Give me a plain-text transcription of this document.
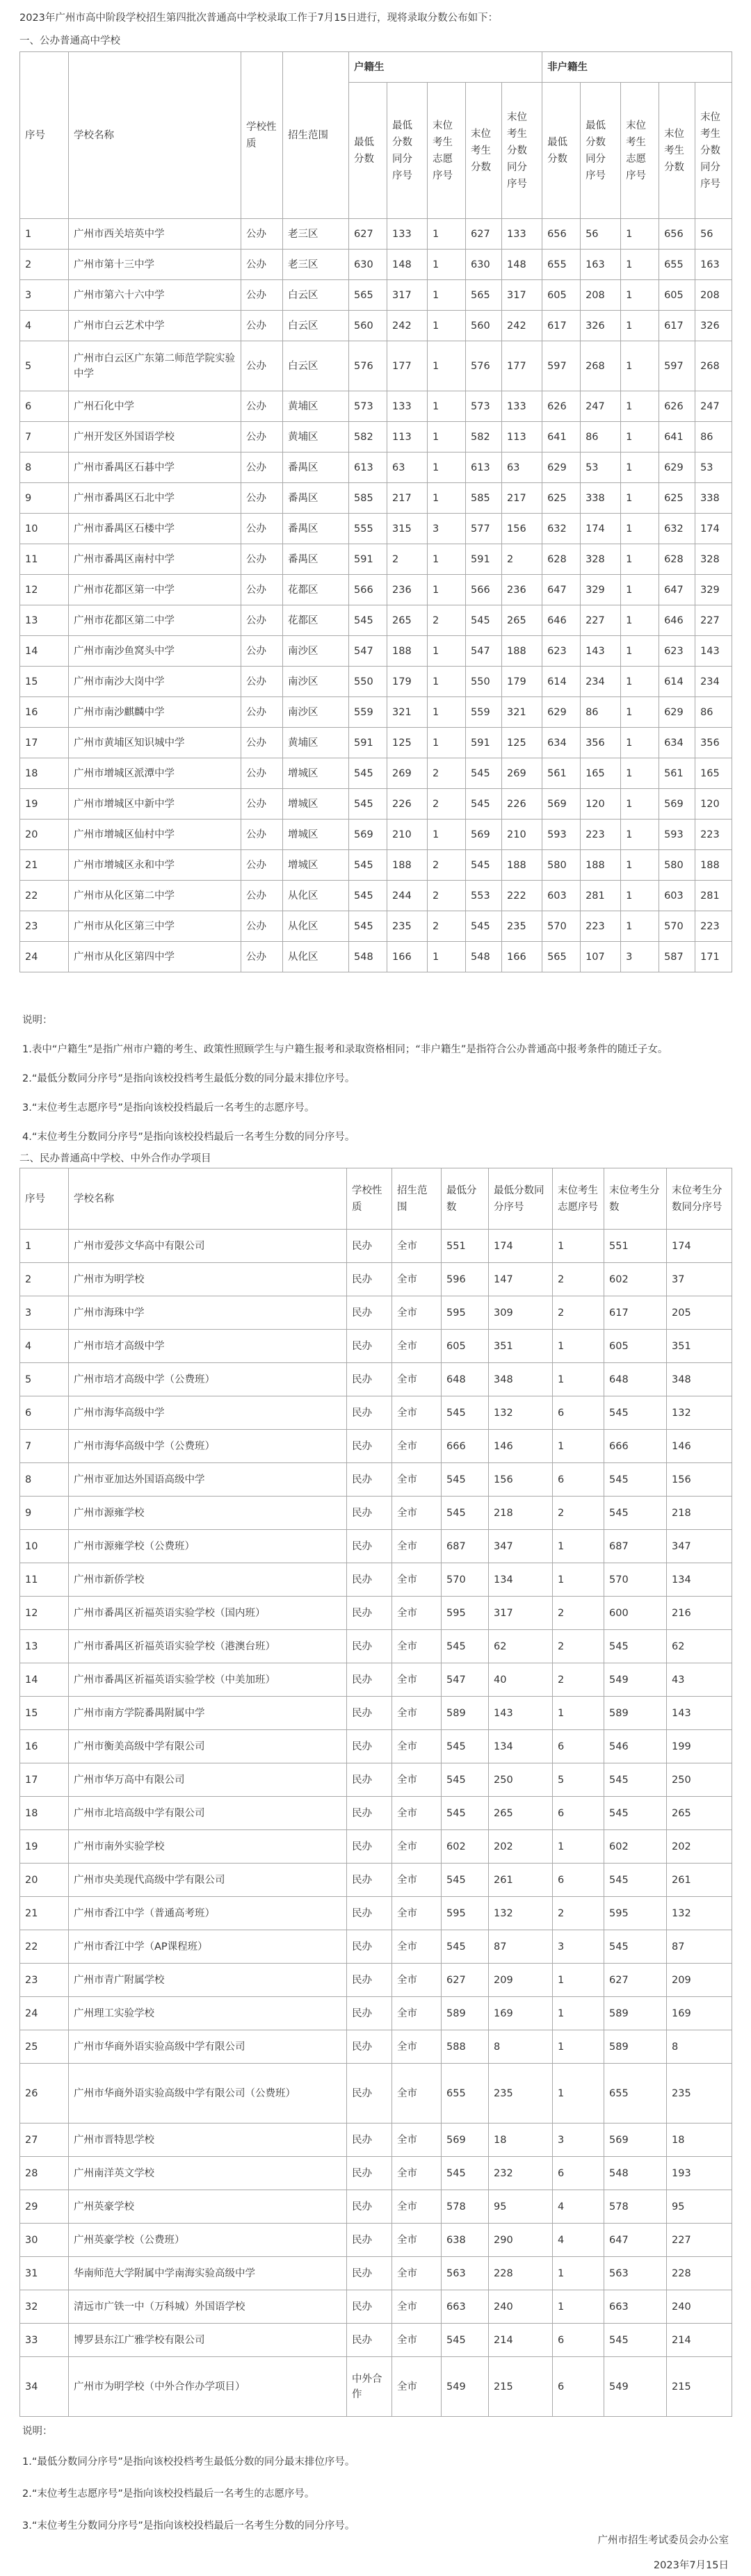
2023年广州市高中阶段学校招生第四批次普通高中学校录取工作于7月15日进行，现将录取分数公布如下：
一、公办普通高中学校
序号	学校名称	学校性质	招生范围	户籍生					非户籍生				
				最低分数	最低分数同分序号	末位考生志愿序号	末位考生分数	末位考生分数同分序号	最低分数	最低分数同分序号	末位考生志愿序号	末位考生分数	末位考生分数同分序号
1	广州市西关培英中学	公办	老三区	627	133	1	627	133	656	56	1	656	56
2	广州市第十三中学	公办	老三区	630	148	1	630	148	655	163	1	655	163
3	广州市第六十六中学	公办	白云区	565	317	1	565	317	605	208	1	605	208
4	广州市白云艺术中学	公办	白云区	560	242	1	560	242	617	326	1	617	326
5	广州市白云区广东第二师范学院实验中学	公办	白云区	576	177	1	576	177	597	268	1	597	268
6	广州石化中学	公办	黄埔区	573	133	1	573	133	626	247	1	626	247
7	广州开发区外国语学校	公办	黄埔区	582	113	1	582	113	641	86	1	641	86
8	广州市番禺区石碁中学	公办	番禺区	613	63	1	613	63	629	53	1	629	53
9	广州市番禺区石北中学	公办	番禺区	585	217	1	585	217	625	338	1	625	338
10	广州市番禺区石楼中学	公办	番禺区	555	315	3	577	156	632	174	1	632	174
11	广州市番禺区南村中学	公办	番禺区	591	2	1	591	2	628	328	1	628	328
12	广州市花都区第一中学	公办	花都区	566	236	1	566	236	647	329	1	647	329
13	广州市花都区第二中学	公办	花都区	545	265	2	545	265	646	227	1	646	227
14	广州市南沙鱼窝头中学	公办	南沙区	547	188	1	547	188	623	143	1	623	143
15	广州市南沙大岗中学	公办	南沙区	550	179	1	550	179	614	234	1	614	234
16	广州市南沙麒麟中学	公办	南沙区	559	321	1	559	321	629	86	1	629	86
17	广州市黄埔区知识城中学	公办	黄埔区	591	125	1	591	125	634	356	1	634	356
18	广州市增城区派潭中学	公办	增城区	545	269	2	545	269	561	165	1	561	165
19	广州市增城区中新中学	公办	增城区	545	226	2	545	226	569	120	1	569	120
20	广州市增城区仙村中学	公办	增城区	569	210	1	569	210	593	223	1	593	223
21	广州市增城区永和中学	公办	增城区	545	188	2	545	188	580	188	1	580	188
22	广州市从化区第二中学	公办	从化区	545	244	2	553	222	603	281	1	603	281
23	广州市从化区第三中学	公办	从化区	545	235	2	545	235	570	223	1	570	223
24	广州市从化区第四中学	公办	从化区	548	166	1	548	166	565	107	3	587	171
说明：
1.表中“户籍生”是指广州市户籍的考生、政策性照顾学生与户籍生报考和录取资格相同；“非户籍生”是指符合公办普通高中报考条件的随迁子女。
2.“最低分数同分序号”是指向该校投档考生最低分数的同分最末排位序号。
3.“末位考生志愿序号”是指向该校投档最后一名考生的志愿序号。
4.“末位考生分数同分序号”是指向该校投档最后一名考生分数的同分序号。
二、民办普通高中学校、中外合作办学项目
序号	学校名称	学校性质	招生范围	最低分数	最低分数同分序号	末位考生志愿序号	末位考生分数	末位考生分数同分序号
1	广州市爱莎文华高中有限公司	民办	全市	551	174	1	551	174
2	广州市为明学校	民办	全市	596	147	2	602	37
3	广州市海珠中学	民办	全市	595	309	2	617	205
4	广州市培才高级中学	民办	全市	605	351	1	605	351
5	广州市培才高级中学（公费班）	民办	全市	648	348	1	648	348
6	广州市海华高级中学	民办	全市	545	132	6	545	132
7	广州市海华高级中学（公费班）	民办	全市	666	146	1	666	146
8	广州市亚加达外国语高级中学	民办	全市	545	156	6	545	156
9	广州市源雍学校	民办	全市	545	218	2	545	218
10	广州市源雍学校（公费班）	民办	全市	687	347	1	687	347
11	广州市新侨学校	民办	全市	570	134	1	570	134
12	广州市番禺区祈福英语实验学校（国内班）	民办	全市	595	317	2	600	216
13	广州市番禺区祈福英语实验学校（港澳台班）	民办	全市	545	62	2	545	62
14	广州市番禺区祈福英语实验学校（中美加班）	民办	全市	547	40	2	549	43
15	广州市南方学院番禺附属中学	民办	全市	589	143	1	589	143
16	广州市衡美高级中学有限公司	民办	全市	545	134	6	546	199
17	广州市华万高中有限公司	民办	全市	545	250	5	545	250
18	广州市北培高级中学有限公司	民办	全市	545	265	6	545	265
19	广州市南外实验学校	民办	全市	602	202	1	602	202
20	广州市央美现代高级中学有限公司	民办	全市	545	261	6	545	261
21	广州市香江中学（普通高考班）	民办	全市	595	132	2	595	132
22	广州市香江中学（AP课程班）	民办	全市	545	87	3	545	87
23	广州市青广附属学校	民办	全市	627	209	1	627	209
24	广州理工实验学校	民办	全市	589	169	1	589	169
25	广州市华商外语实验高级中学有限公司	民办	全市	588	8	1	589	8
26	广州市华商外语实验高级中学有限公司（公费班）	民办	全市	655	235	1	655	235
27	广州市晋特思学校	民办	全市	569	18	3	569	18
28	广州南洋英文学校	民办	全市	545	232	6	548	193
29	广州英豪学校	民办	全市	578	95	4	578	95
30	广州英豪学校（公费班）	民办	全市	638	290	4	647	227
31	华南师范大学附属中学南海实验高级中学	民办	全市	563	228	1	563	228
32	清远市广铁一中（万科城）外国语学校	民办	全市	663	240	1	663	240
33	博罗县东江广雅学校有限公司	民办	全市	545	214	6	545	214
34	广州市为明学校（中外合作办学项目）	中外合作	全市	549	215	6	549	215
说明：
1.“最低分数同分序号”是指向该校投档考生最低分数的同分最末排位序号。
2.“末位考生志愿序号”是指向该校投档最后一名考生的志愿序号。
3.“末位考生分数同分序号”是指向该校投档最后一名考生分数的同分序号。
广州市招生考试委员会办公室
2023年7月15日
